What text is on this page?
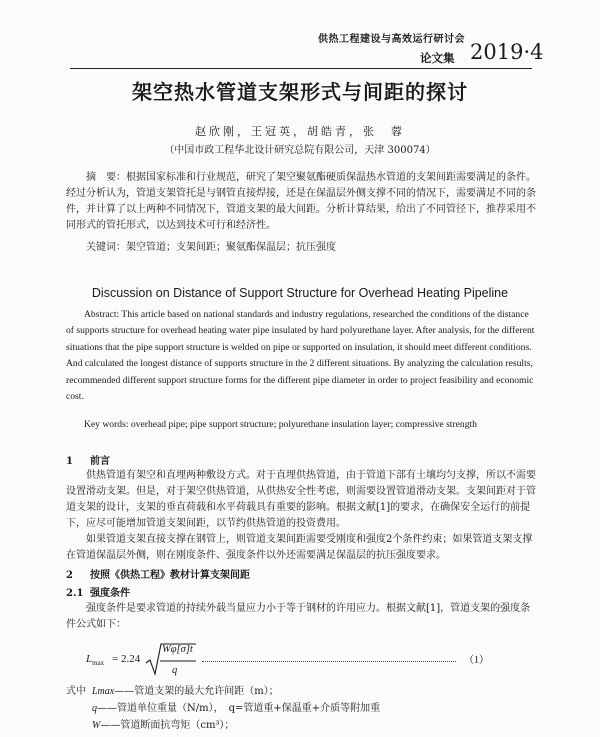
供热工程建设与高效运行研讨会
论文集 2019·4
架空热水管道支架形式与间距的探讨
赵欣刚，王冠英，胡皓青，张　蓉
（中国市政工程华北设计研究总院有限公司，天津 300074）

摘　要：根据国家标准和行业规范，研究了架空聚氨酯硬质保温热水管道的支架间距需要满足的条件。经过分析认为，管道支架管托是与钢管直接焊接，还是在保温层外侧支撑不同的情况下，需要满足不同的条件，并计算了以上两种不同情况下，管道支架的最大间距。分析计算结果，给出了不同管径下，推荐采用不同形式的管托形式，以达到技术可行和经济性。

关键词：架空管道；支架间距；聚氨酯保温层；抗压强度

Discussion on Distance of Support Structure for Overhead Heating Pipeline

Abstract: This article based on national standards and industry regulations, researched the conditions of the distance of supports structure for overhead heating water pipe insulated by hard polyurethane layer. After analysis, for the different situations that the pipe support structure is welded on pipe or supported on insulation, it should meet different conditions. And calculated the longest distance of supports structure in the 2 different situations. By analyzing the calculation results, recommended different support structure forms for the different pipe diameter in order to project feasibility and economic cost.

Key words: overhead pipe; pipe support structure; polyurethane insulation layer; compressive strength

1 前言

供热管道有架空和直埋两种敷设方式。对于直埋供热管道，由于管道下部有土壤均匀支撑，所以不需要设置滑动支架。但是，对于架空供热管道，从供热安全性考虑，则需要设置管道滑动支架。支架间距对于管道支架的设计，支架的垂直荷载和水平荷载具有重要的影响。根据文献[1]的要求，在确保安全运行的前提下，应尽可能增加管道支架间距，以节约供热管道的投资费用。

如果管道支架直接支撑在钢管上，则管道支架间距需要受刚度和强度2个条件约束；如果管道支架支撑在管道保温层外侧，则在刚度条件、强度条件以外还需要满足保温层的抗压强度要求。

2 按照《供热工程》教材计算支架间距
2.1 强度条件

强度条件是要求管道的持续外载当量应力小于等于钢材的许用应力。根据文献[1]，管道支架的强度条件公式如下：

$L_{max} = 2.24$
Wφ[σ]t
q
（1）
式中 Lmax——管道支架的最大允许间距（m）；
q——管道单位重量（N/m），　q=管道重+保温重+介质等附加重
W——管道断面抗弯矩（cm³）；
